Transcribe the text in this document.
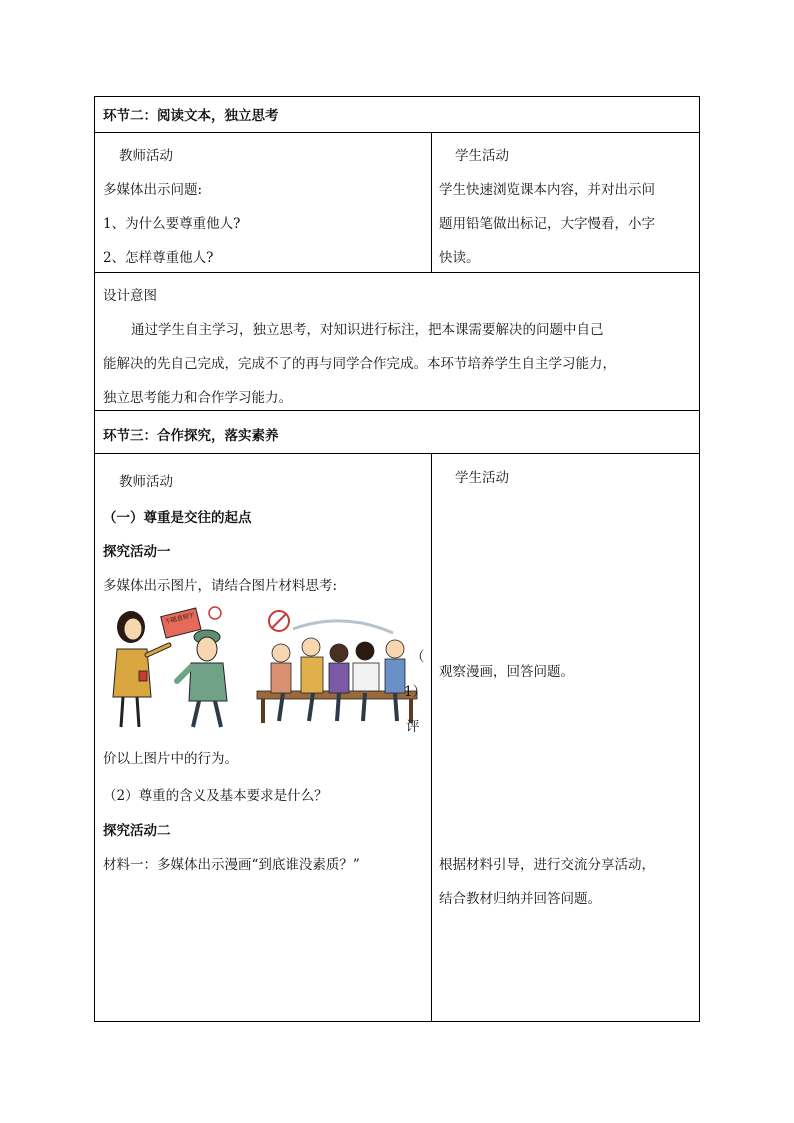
环节二：阅读文本，独立思考
教师活动
多媒体出示问题:
1、为什么要尊重他人?
2、怎样尊重他人?
学生活动
学生快速浏览课本内容，并对出示问
题用铅笔做出标记，大字慢看，小字
快读。
设计意图
通过学生自主学习，独立思考，对知识进行标注，把本课需要解决的问题中自己
能解决的先自己完成，完成不了的再与同学合作完成。本环节培养学生自主学习能力，
独立思考能力和合作学习能力。
环节三：合作探究，落实素养
教师活动
（一）尊重是交往的起点
探究活动一
多媒体出示图片，请结合图片材料思考:
不随意刻字
（
1）
评
价以上图片中的行为。
（2）尊重的含义及基本要求是什么？
探究活动二
材料一：多媒体出示漫画“到底谁没素质？”
学生活动
观察漫画，回答问题。
根据材料引导，进行交流分享活动，
结合教材归纳并回答问题。
